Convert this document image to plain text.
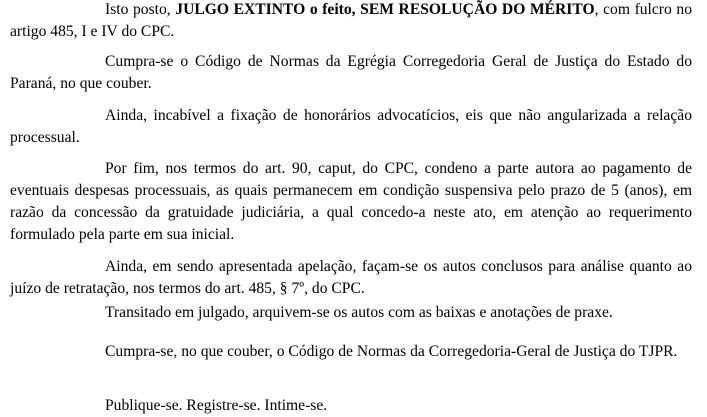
Isto posto, JULGO EXTINTO o feito, SEM RESOLUÇÃO DO MÉRITO, com fulcro no artigo 485, I e IV do CPC.

Cumpra-se o Código de Normas da Egrégia Corregedoria Geral de Justiça do Estado do Paraná, no que couber.

Ainda, incabível a fixação de honorários advocatícios, eis que não angularizada a relação processual.

Por fim, nos termos do art. 90, caput, do CPC, condeno a parte autora ao pagamento de eventuais despesas processuais, as quais permanecem em condição suspensiva pelo prazo de 5 (anos), em razão da concessão da gratuidade judiciária, a qual concedo-a neste ato, em atenção ao requerimento formulado pela parte em sua inicial.

Ainda, em sendo apresentada apelação, façam-se os autos conclusos para análise quanto ao juízo de retratação, nos termos do art. 485, § 7º, do CPC.

Transitado em julgado, arquivem-se os autos com as baixas e anotações de praxe.

Cumpra-se, no que couber, o Código de Normas da Corregedoria-Geral de Justiça do TJPR.

Publique-se. Registre-se. Intime-se.
